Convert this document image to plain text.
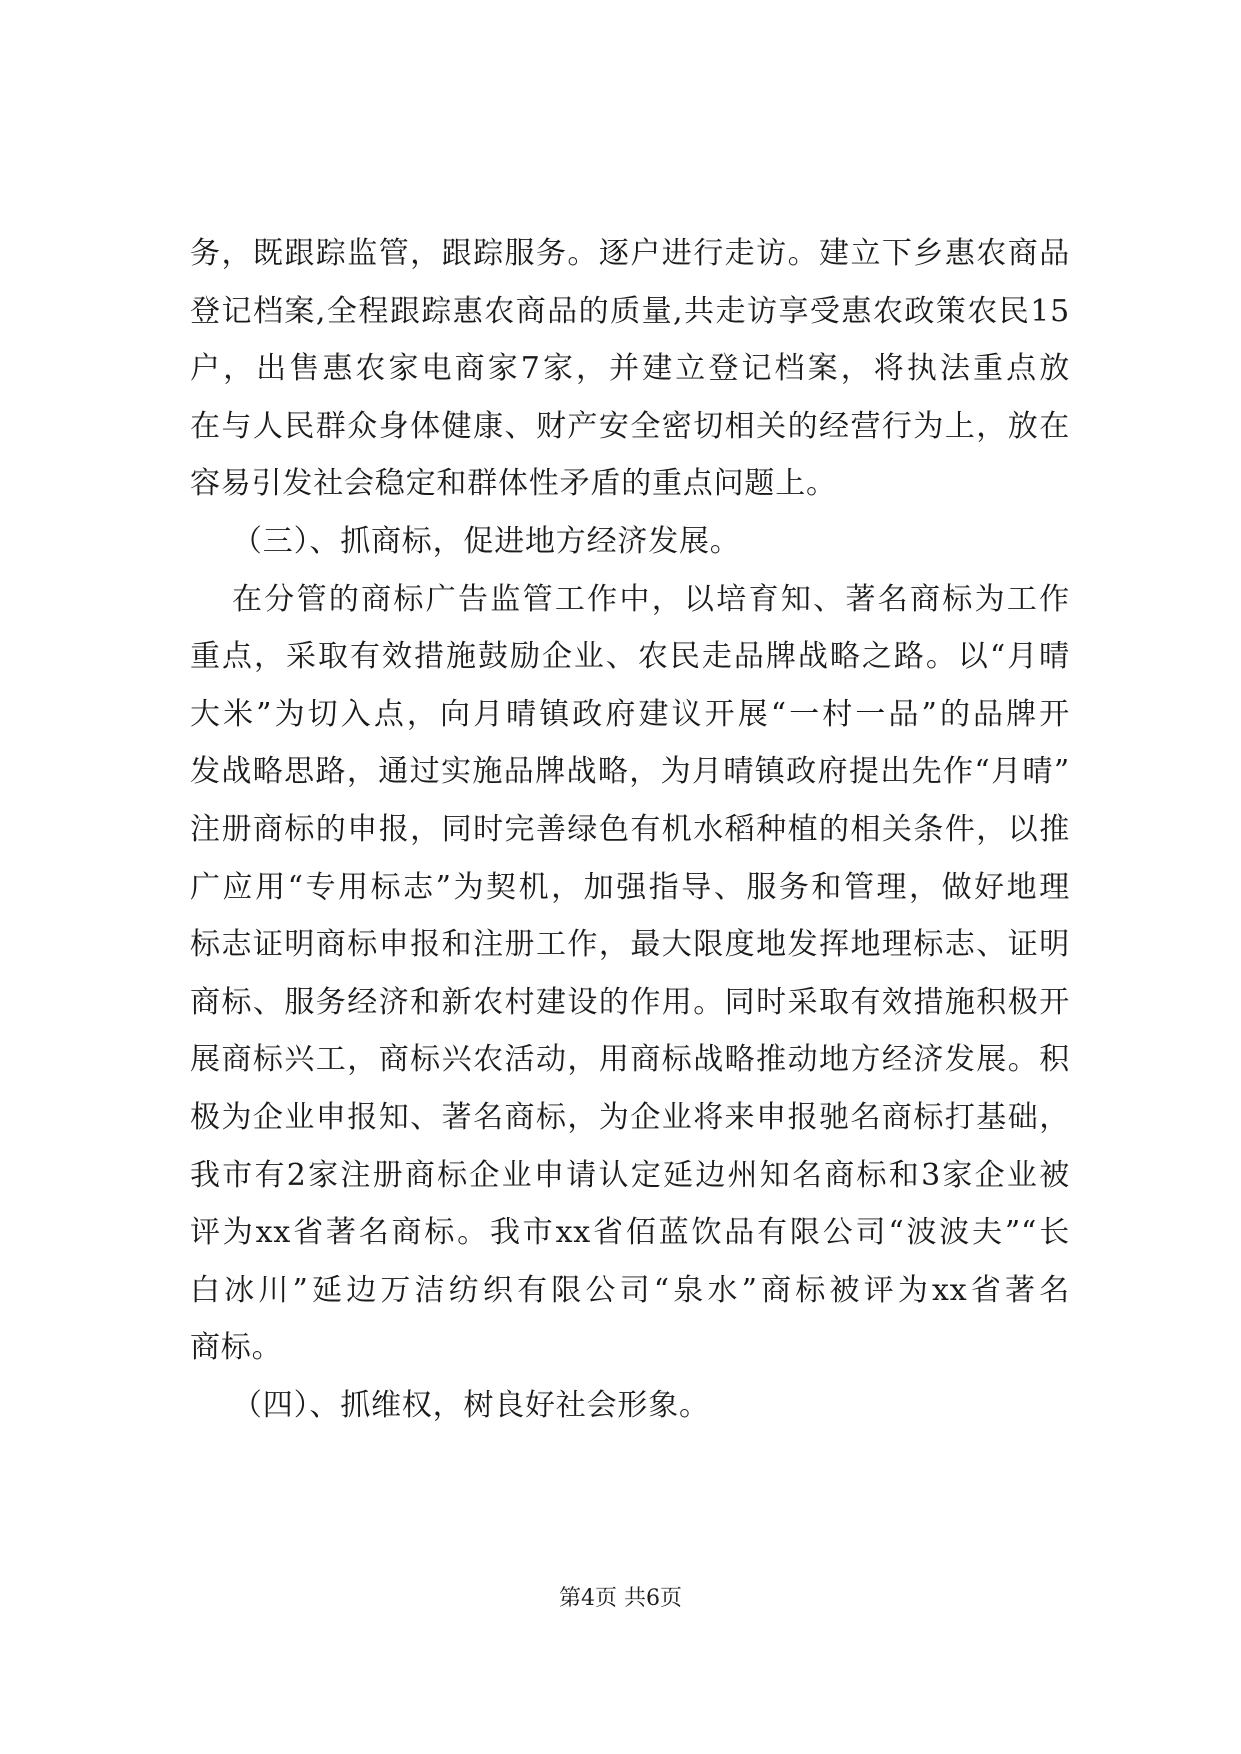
务，既跟踪监管，跟踪服务。逐户进行走访。建立下乡惠农商品
登记档案,全程跟踪惠农商品的质量,共走访享受惠农政策农民15
户，出售惠农家电商家7家，并建立登记档案，将执法重点放
在与人民群众身体健康、财产安全密切相关的经营行为上，放在
容易引发社会稳定和群体性矛盾的重点问题上。
（三）、抓商标，促进地方经济发展。
在分管的商标广告监管工作中，以培育知、著名商标为工作
重点，采取有效措施鼓励企业、农民走品牌战略之路。以“月晴
大米”为切入点，向月晴镇政府建议开展“一村一品”的品牌开
发战略思路，通过实施品牌战略，为月晴镇政府提出先作“月晴”
注册商标的申报，同时完善绿色有机水稻种植的相关条件，以推
广应用“专用标志”为契机，加强指导、服务和管理，做好地理
标志证明商标申报和注册工作，最大限度地发挥地理标志、证明
商标、服务经济和新农村建设的作用。同时采取有效措施积极开
展商标兴工，商标兴农活动，用商标战略推动地方经济发展。积
极为企业申报知、著名商标，为企业将来申报驰名商标打基础，
我市有2家注册商标企业申请认定延边州知名商标和3家企业被
评为xx省著名商标。我市xx省佰蓝饮品有限公司“波波夫”“长
白冰川”延边万洁纺织有限公司“泉水”商标被评为xx省著名
商标。
（四）、抓维权，树良好社会形象。
第4页 共6页
